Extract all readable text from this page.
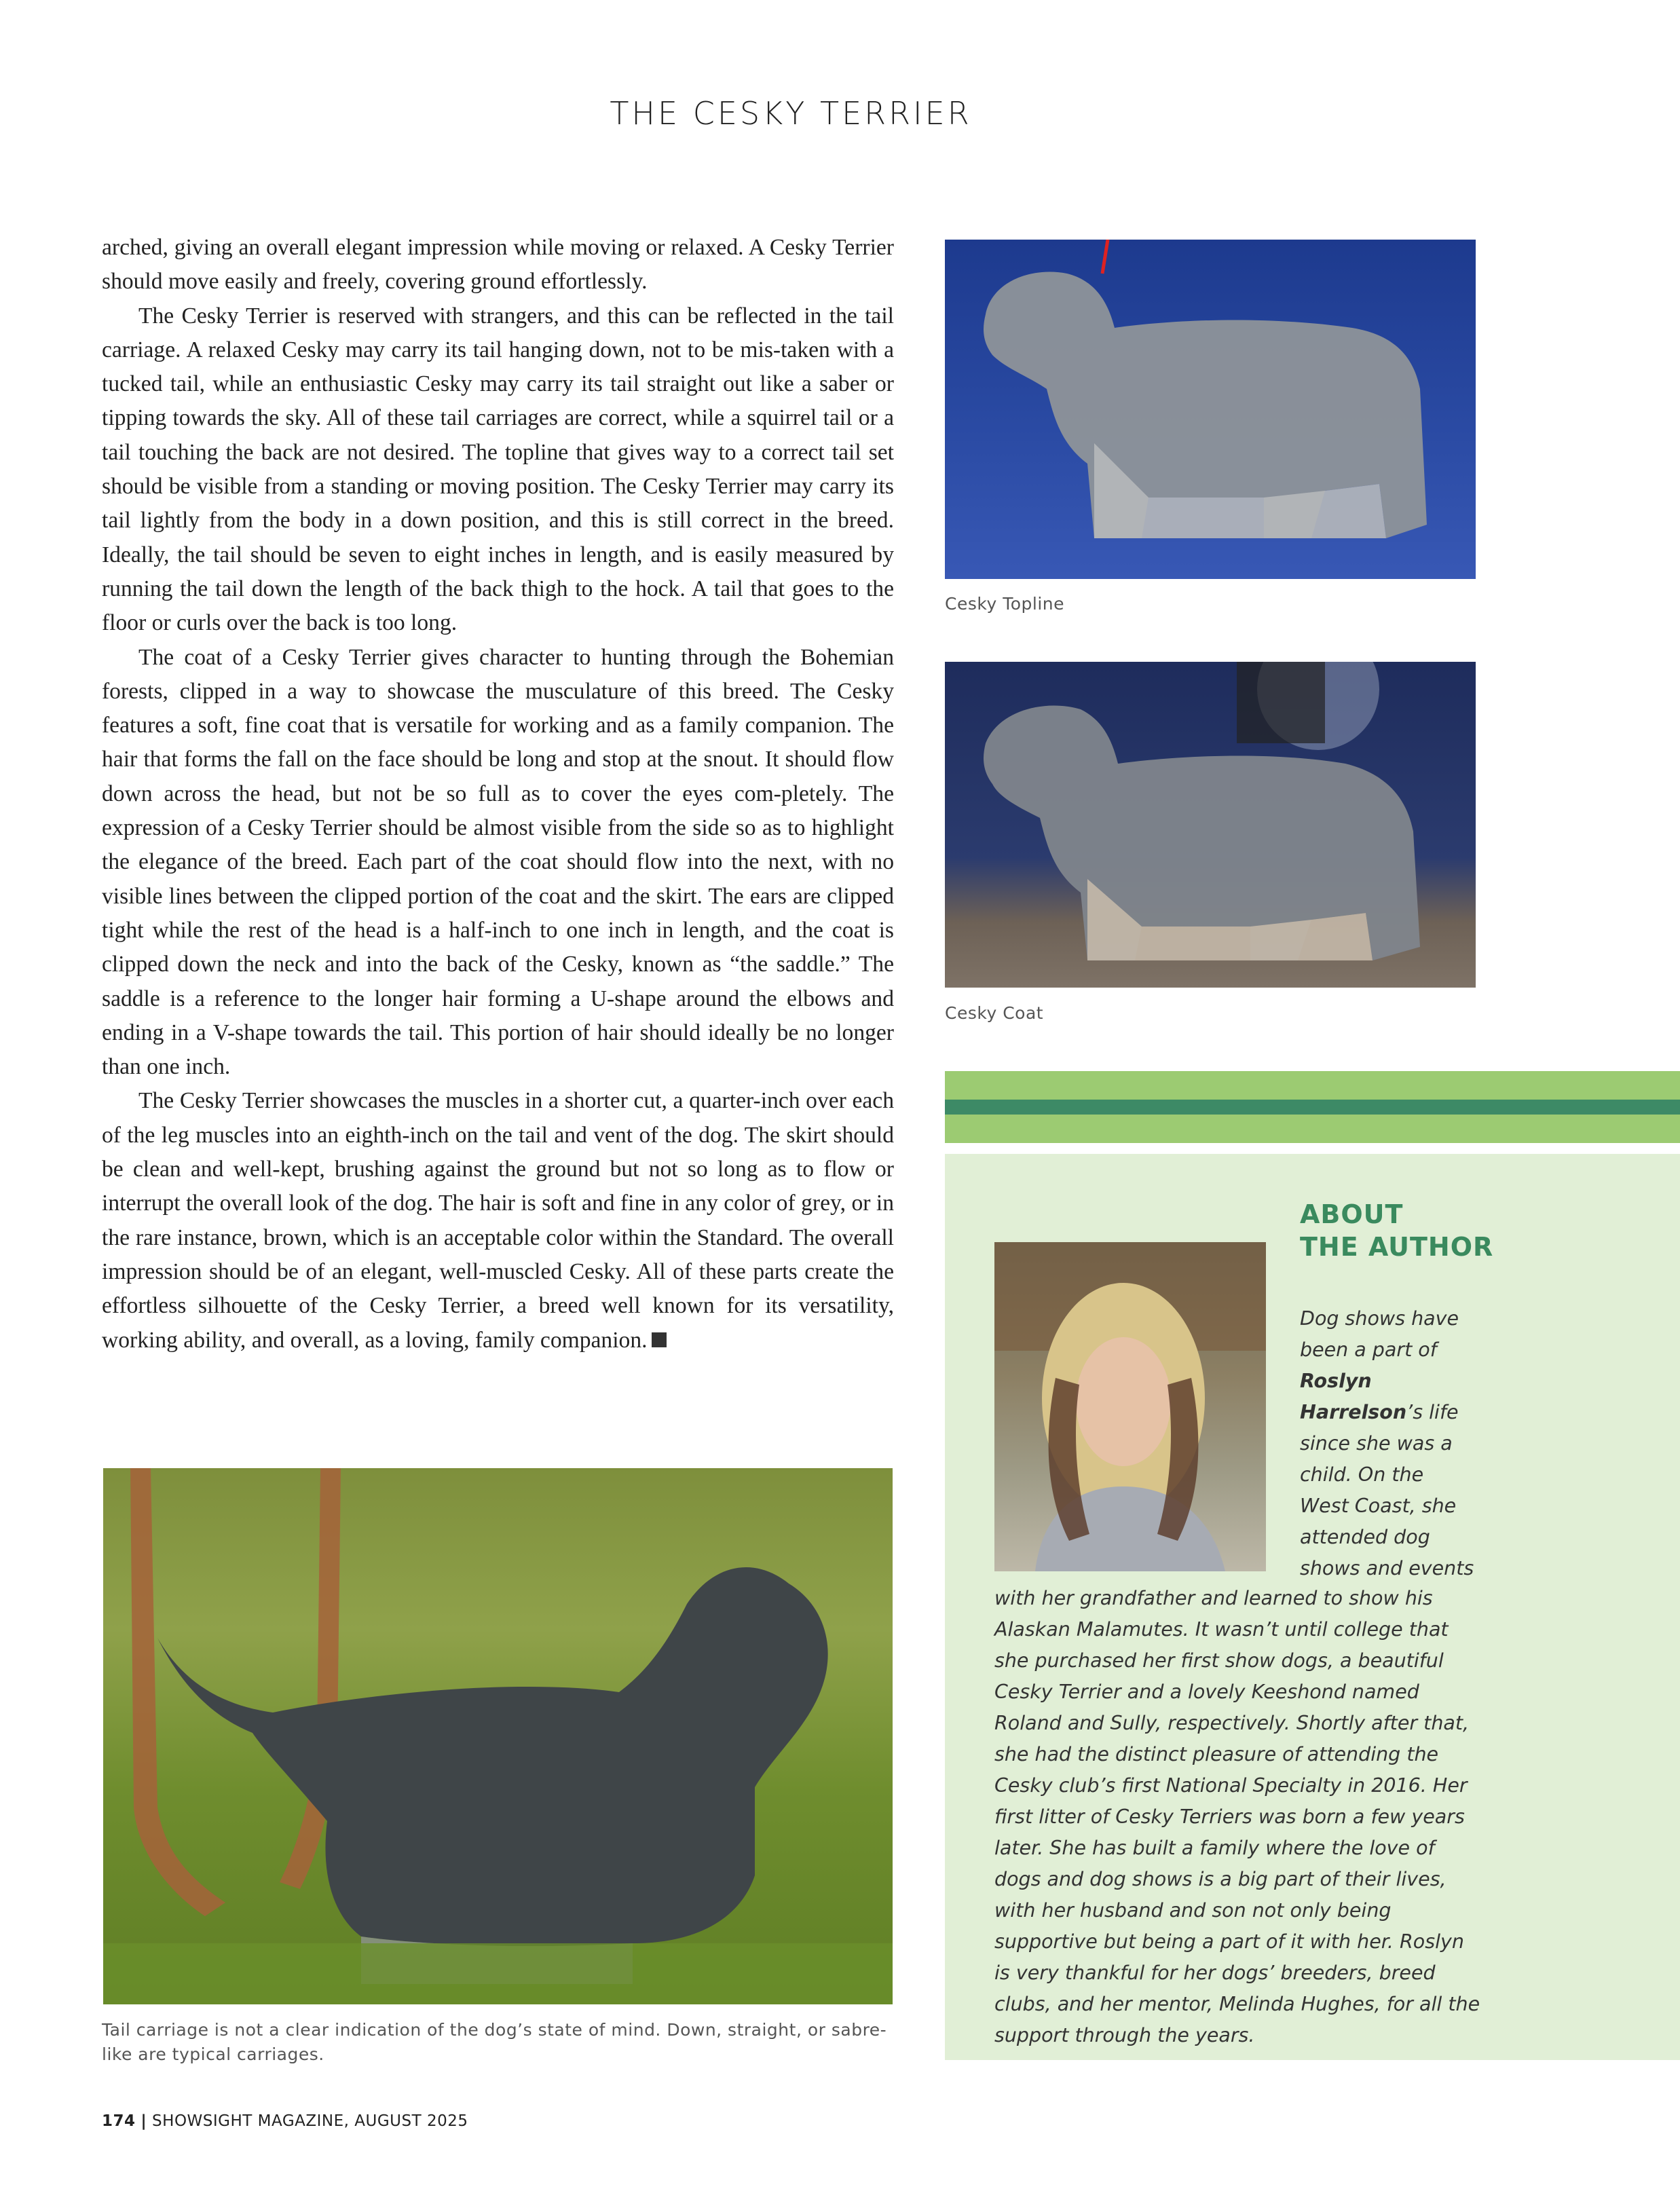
THE CESKY TERRIER

arched, giving an overall elegant impression while moving or relaxed. A Cesky Terrier should move easily and freely, covering ground effortlessly.

The Cesky Terrier is reserved with strangers, and this can be reflected in the tail carriage. A relaxed Cesky may carry its tail hanging down, not to be mis-taken with a tucked tail, while an enthusiastic Cesky may carry its tail straight out like a saber or tipping towards the sky. All of these tail carriages are correct, while a squirrel tail or a tail touching the back are not desired. The topline that gives way to a correct tail set should be visible from a standing or moving position. The Cesky Terrier may carry its tail lightly from the body in a down position, and this is still correct in the breed. Ideally, the tail should be seven to eight inches in length, and is easily measured by running the tail down the length of the back thigh to the hock. A tail that goes to the floor or curls over the back is too long.

The coat of a Cesky Terrier gives character to hunting through the Bohemian forests, clipped in a way to showcase the musculature of this breed. The Cesky features a soft, fine coat that is versatile for working and as a family companion. The hair that forms the fall on the face should be long and stop at the snout. It should flow down across the head, but not be so full as to cover the eyes com-pletely. The expression of a Cesky Terrier should be almost visible from the side so as to highlight the elegance of the breed. Each part of the coat should flow into the next, with no visible lines between the clipped portion of the coat and the skirt. The ears are clipped tight while the rest of the head is a half-inch to one inch in length, and the coat is clipped down the neck and into the back of the Cesky, known as “the saddle.” The saddle is a reference to the longer hair forming a U-shape around the elbows and ending in a V-shape towards the tail. This portion of hair should ideally be no longer than one inch.

The Cesky Terrier showcases the muscles in a shorter cut, a quarter-inch over each of the leg muscles into an eighth-inch on the tail and vent of the dog. The skirt should be clean and well-kept, brushing against the ground but not so long as to flow or interrupt the overall look of the dog. The hair is soft and fine in any color of grey, or in the rare instance, brown, which is an acceptable color within the Standard. The overall impression should be of an elegant, well-muscled Cesky. All of these parts create the effortless silhouette of the Cesky Terrier, a breed well known for its versatility, working ability, and overall, as a loving, family companion.

Cesky Topline
Cesky Coat
ABOUT
THE AUTHOR
Dog shows have been a part of Roslyn Harrelson’s life since she was a child. On the West Coast, she attended dog shows and events
with her grandfather and learned to show his Alaskan Malamutes. It wasn’t until college that she purchased her first show dogs, a beautiful Cesky Terrier and a lovely Keeshond named Roland and Sully, respectively. Shortly after that, she had the distinct pleasure of attending the Cesky club’s first National Specialty in 2016. Her first litter of Cesky Terriers was born a few years later. She has built a family where the love of dogs and dog shows is a big part of their lives, with her husband and son not only being supportive but being a part of it with her. Roslyn is very thankful for her dogs’ breeders, breed clubs, and her mentor, Melinda Hughes, for all the support through the years.
Tail carriage is not a clear indication of the dog’s state of mind. Down, straight, or sabre-like are typical carriages.
174 | SHOWSIGHT MAGAZINE, AUGUST 2025
